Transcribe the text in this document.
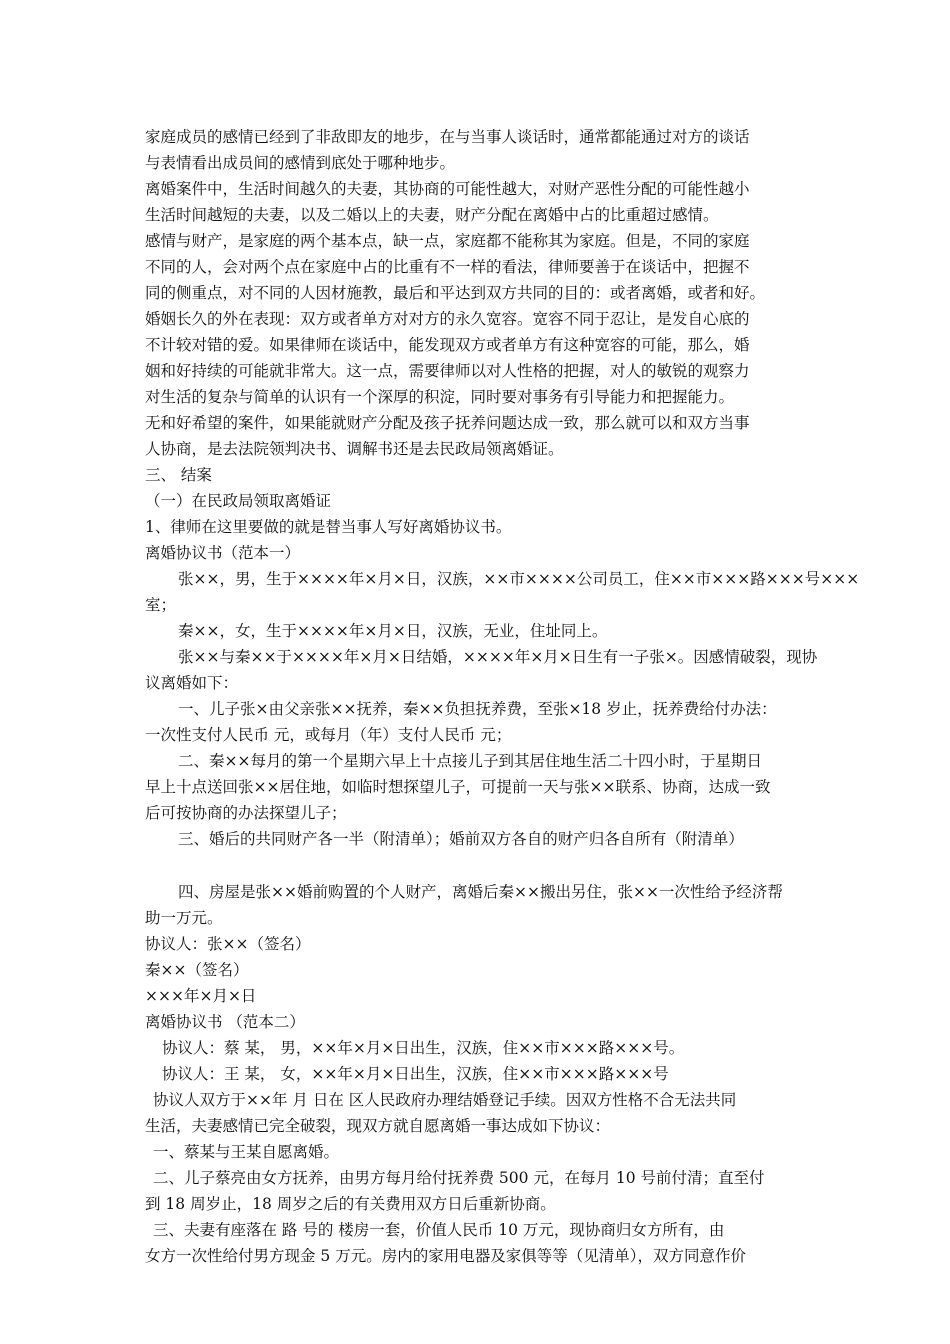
家庭成员的感情已经到了非敌即友的地步，在与当事人谈话时，通常都能通过对方的谈话
与表情看出成员间的感情到底处于哪种地步。
离婚案件中，生活时间越久的夫妻，其协商的可能性越大，对财产恶性分配的可能性越小
生活时间越短的夫妻，以及二婚以上的夫妻，财产分配在离婚中占的比重超过感情。
感情与财产，是家庭的两个基本点，缺一点，家庭都不能称其为家庭。但是，不同的家庭
不同的人，会对两个点在家庭中占的比重有不一样的看法，律师要善于在谈话中，把握不
同的侧重点，对不同的人因材施教，最后和平达到双方共同的目的：或者离婚，或者和好。
婚姻长久的外在表现：双方或者单方对对方的永久宽容。宽容不同于忍让，是发自心底的
不计较对错的爱。如果律师在谈话中，能发现双方或者单方有这种宽容的可能，那么，婚
姻和好持续的可能就非常大。这一点，需要律师以对人性格的把握，对人的敏锐的观察力
对生活的复杂与简单的认识有一个深厚的积淀，同时要对事务有引导能力和把握能力。
无和好希望的案件，如果能就财产分配及孩子抚养问题达成一致，那么就可以和双方当事
人协商，是去法院领判决书、调解书还是去民政局领离婚证。
三、 结案
（一）在民政局领取离婚证
1、律师在这里要做的就是替当事人写好离婚协议书。
离婚协议书（范本一）
张××，男，生于××××年×月×日，汉族，××市××××公司员工，住××市×××路×××号×××
室；
秦××，女，生于××××年×月×日，汉族，无业，住址同上。
张××与秦××于××××年×月×日结婚，××××年×月×日生有一子张×。因感情破裂，现协
议离婚如下：
一、儿子张×由父亲张××抚养，秦××负担抚养费，至张×18 岁止，抚养费给付办法：
一次性支付人民币 元，或每月（年）支付人民币 元；
二、秦××每月的第一个星期六早上十点接儿子到其居住地生活二十四小时，于星期日
早上十点送回张××居住地，如临时想探望儿子，可提前一天与张××联系、协商，达成一致
后可按协商的办法探望儿子；
三、婚后的共同财产各一半（附清单）；婚前双方各自的财产归各自所有（附清单）
四、房屋是张××婚前购置的个人财产，离婚后秦××搬出另住，张××一次性给予经济帮
助一万元。
协议人：张××（签名）
秦××（签名）
×××年×月×日
离婚协议书 （范本二）
协议人：蔡 某， 男，××年×月×日出生，汉族，住××市×××路×××号。
协议人：王 某， 女，××年×月×日出生，汉族，住××市×××路×××号
协议人双方于××年 月 日在 区人民政府办理结婚登记手续。因双方性格不合无法共同
生活，夫妻感情已完全破裂，现双方就自愿离婚一事达成如下协议：
一、蔡某与王某自愿离婚。
二、儿子蔡亮由女方抚养，由男方每月给付抚养费 500 元，在每月 10 号前付清；直至付
到 18 周岁止，18 周岁之后的有关费用双方日后重新协商。
三、夫妻有座落在 路 号的 楼房一套，价值人民币 10 万元，现协商归女方所有，由
女方一次性给付男方现金 5 万元。房内的家用电器及家俱等等（见清单），双方同意作价
